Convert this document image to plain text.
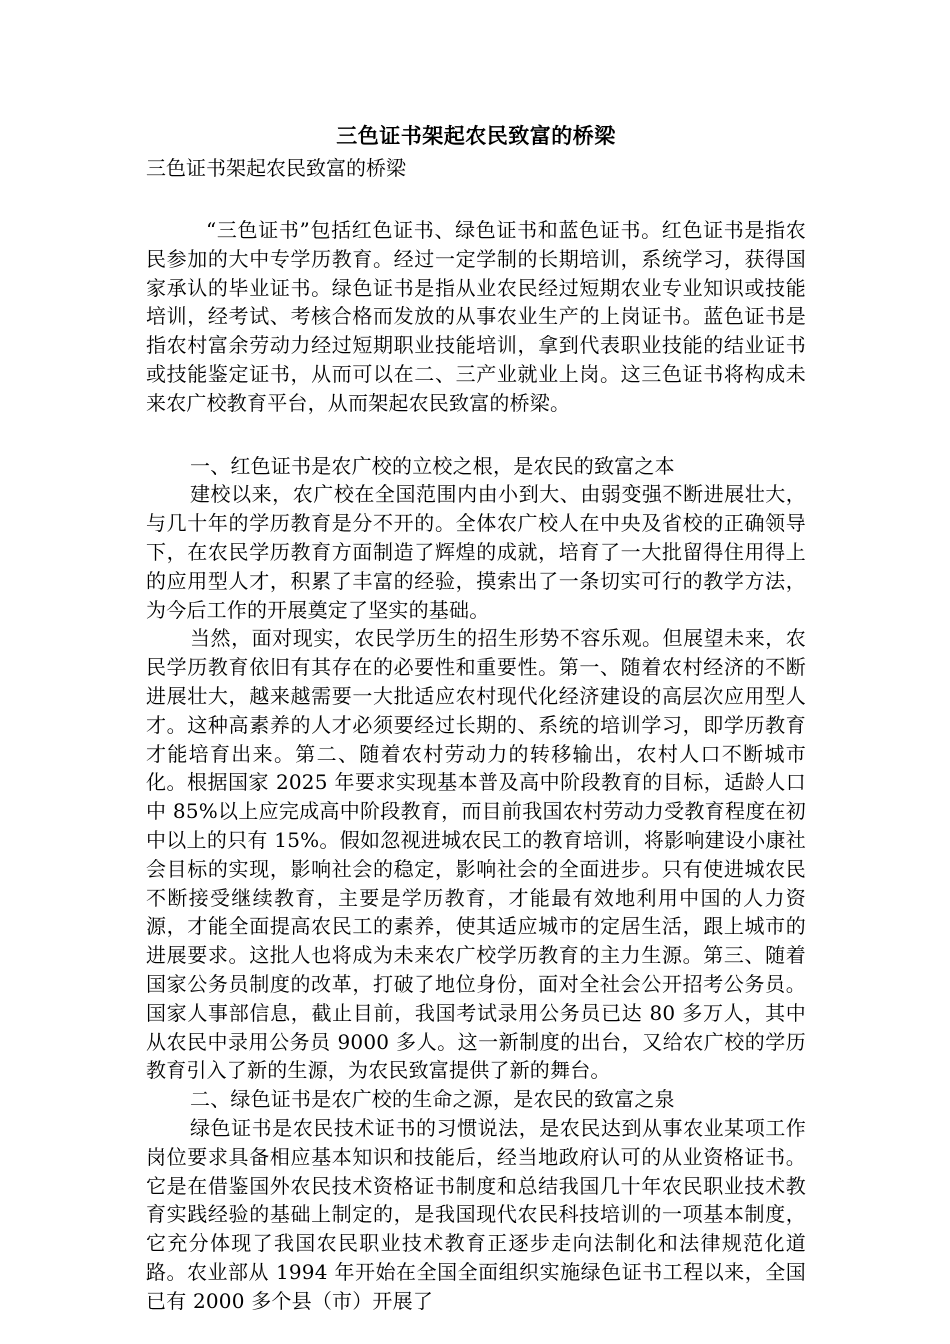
三色证书架起农民致富的桥梁

三色证书架起农民致富的桥梁

“三色证书”包括红色证书、绿色证书和蓝色证书。红色证书是指农民参加的大中专学历教育。经过一定学制的长期培训，系统学习，获得国家承认的毕业证书。绿色证书是指从业农民经过短期农业专业知识或技能培训，经考试、考核合格而发放的从事农业生产的上岗证书。蓝色证书是指农村富余劳动力经过短期职业技能培训，拿到代表职业技能的结业证书或技能鉴定证书，从而可以在二、三产业就业上岗。这三色证书将构成未来农广校教育平台，从而架起农民致富的桥梁。

一、红色证书是农广校的立校之根，是农民的致富之本

建校以来，农广校在全国范围内由小到大、由弱变强不断进展壮大，与几十年的学历教育是分不开的。全体农广校人在中央及省校的正确领导下，在农民学历教育方面制造了辉煌的成就，培育了一大批留得住用得上的应用型人才，积累了丰富的经验，摸索出了一条切实可行的教学方法，为今后工作的开展奠定了坚实的基础。

当然，面对现实，农民学历生的招生形势不容乐观。但展望未来，农民学历教育依旧有其存在的必要性和重要性。第一、随着农村经济的不断进展壮大，越来越需要一大批适应农村现代化经济建设的高层次应用型人才。这种高素养的人才必须要经过长期的、系统的培训学习，即学历教育才能培育出来。第二、随着农村劳动力的转移输出，农村人口不断城市化。根据国家 2025 年要求实现基本普及高中阶段教育的目标，适龄人口中 85%以上应完成高中阶段教育，而目前我国农村劳动力受教育程度在初中以上的只有 15%。假如忽视进城农民工的教育培训，将影响建设小康社会目标的实现，影响社会的稳定，影响社会的全面进步。只有使进城农民不断接受继续教育，主要是学历教育，才能最有效地利用中国的人力资源，才能全面提高农民工的素养，使其适应城市的定居生活，跟上城市的进展要求。这批人也将成为未来农广校学历教育的主力生源。第三、随着国家公务员制度的改革，打破了地位身份，面对全社会公开招考公务员。国家人事部信息，截止目前，我国考试录用公务员已达 80 多万人，其中从农民中录用公务员 9000 多人。这一新制度的出台，又给农广校的学历教育引入了新的生源，为农民致富提供了新的舞台。

二、绿色证书是农广校的生命之源，是农民的致富之泉

绿色证书是农民技术证书的习惯说法，是农民达到从事农业某项工作岗位要求具备相应基本知识和技能后，经当地政府认可的从业资格证书。它是在借鉴国外农民技术资格证书制度和总结我国几十年农民职业技术教育实践经验的基础上制定的，是我国现代农民科技培训的一项基本制度，它充分体现了我国农民职业技术教育正逐步走向法制化和法律规范化道路。农业部从 1994 年开始在全国全面组织实施绿色证书工程以来，全国已有 2000 多个县（市）开展了
